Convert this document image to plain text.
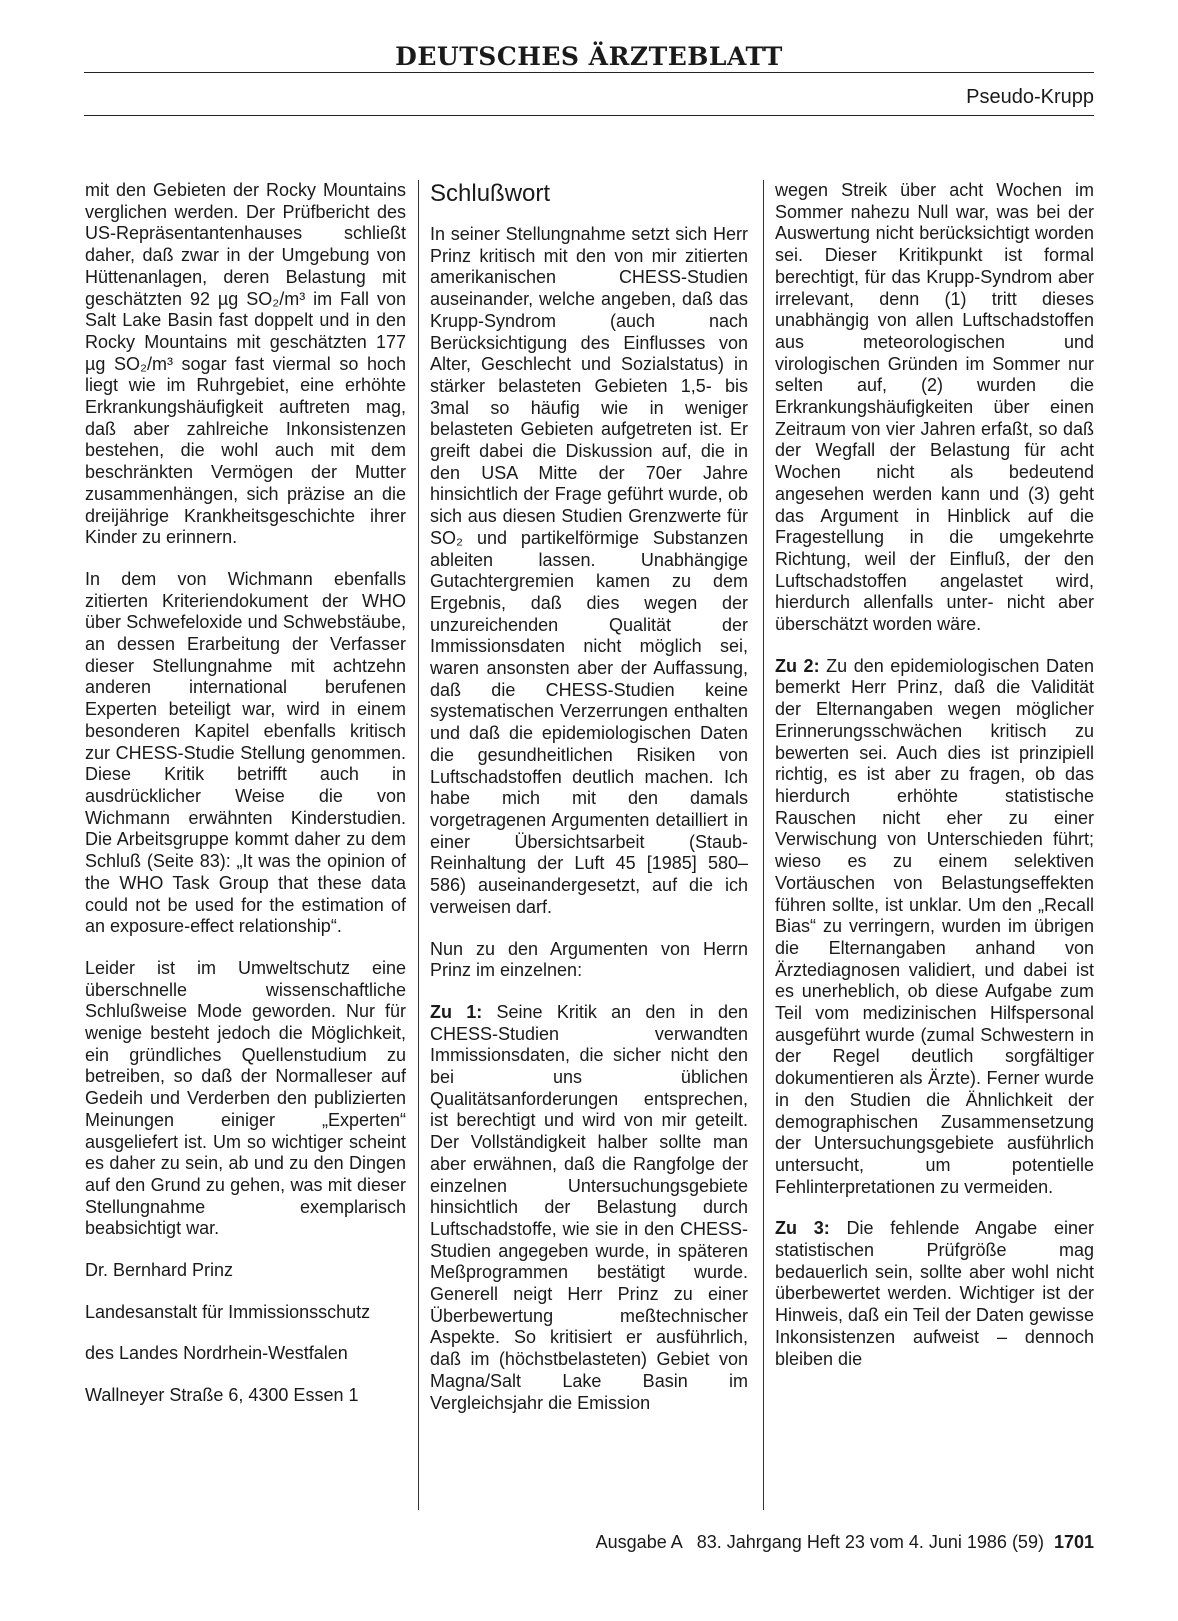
DEUTSCHES ÄRZTEBLATT
Pseudo-Krupp

mit den Gebieten der Rocky Mountains verglichen werden. Der Prüfbericht des US-Repräsentantenhauses schließt daher, daß zwar in der Umgebung von Hüttenanlagen, deren Belastung mit geschätzten 92 µg SO₂/m³ im Fall von Salt Lake Basin fast doppelt und in den Rocky Mountains mit geschätzten 177 µg SO₂/m³ sogar fast viermal so hoch liegt wie im Ruhrgebiet, eine erhöhte Erkrankungshäufigkeit auftreten mag, daß aber zahlreiche Inkonsistenzen bestehen, die wohl auch mit dem beschränkten Vermögen der Mutter zusammenhängen, sich präzise an die dreijährige Krankheitsgeschichte ihrer Kinder zu erinnern.

In dem von Wichmann ebenfalls zitierten Kriteriendokument der WHO über Schwefeloxide und Schwebstäube, an dessen Erarbeitung der Verfasser dieser Stellungnahme mit achtzehn anderen international berufenen Experten beteiligt war, wird in einem besonderen Kapitel ebenfalls kritisch zur CHESS-Studie Stellung genommen. Diese Kritik betrifft auch in ausdrücklicher Weise die von Wichmann erwähnten Kinderstudien. Die Arbeitsgruppe kommt daher zu dem Schluß (Seite 83): „It was the opinion of the WHO Task Group that these data could not be used for the estimation of an exposure-effect relationship“.

Leider ist im Umweltschutz eine überschnelle wissenschaftliche Schlußweise Mode geworden. Nur für wenige besteht jedoch die Möglichkeit, ein gründliches Quellenstudium zu betreiben, so daß der Normalleser auf Gedeih und Verderben den publizierten Meinungen einiger „Experten“ ausgeliefert ist. Um so wichtiger scheint es daher zu sein, ab und zu den Dingen auf den Grund zu gehen, was mit dieser Stellungnahme exemplarisch beabsichtigt war.

Dr. Bernhard Prinz

Landesanstalt für Immissionsschutz

des Landes Nordrhein-Westfalen

Wallneyer Straße 6, 4300 Essen 1

Schlußwort

In seiner Stellungnahme setzt sich Herr Prinz kritisch mit den von mir zitierten amerikanischen CHESS-Studien auseinander, welche angeben, daß das Krupp-Syndrom (auch nach Berücksichtigung des Einflusses von Alter, Geschlecht und Sozialstatus) in stärker belasteten Gebieten 1,5- bis 3mal so häufig wie in weniger belasteten Gebieten aufgetreten ist. Er greift dabei die Diskussion auf, die in den USA Mitte der 70er Jahre hinsichtlich der Frage geführt wurde, ob sich aus diesen Studien Grenzwerte für SO₂ und partikelförmige Substanzen ableiten lassen. Unabhängige Gutachtergremien kamen zu dem Ergebnis, daß dies wegen der unzureichenden Qualität der Immissionsdaten nicht möglich sei, waren ansonsten aber der Auffassung, daß die CHESS-Studien keine systematischen Verzerrungen enthalten und daß die epidemiologischen Daten die gesundheitlichen Risiken von Luftschadstoffen deutlich machen. Ich habe mich mit den damals vorgetragenen Argumenten detailliert in einer Übersichtsarbeit (Staub-Reinhaltung der Luft 45 [1985] 580–586) auseinandergesetzt, auf die ich verweisen darf.

Nun zu den Argumenten von Herrn Prinz im einzelnen:

Zu 1: Seine Kritik an den in den CHESS-Studien verwandten Immissionsdaten, die sicher nicht den bei uns üblichen Qualitätsanforderungen entsprechen, ist berechtigt und wird von mir geteilt. Der Vollständigkeit halber sollte man aber erwähnen, daß die Rangfolge der einzelnen Untersuchungsgebiete hinsichtlich der Belastung durch Luftschadstoffe, wie sie in den CHESS-Studien angegeben wurde, in späteren Meßprogrammen bestätigt wurde. Generell neigt Herr Prinz zu einer Überbewertung meßtechnischer Aspekte. So kritisiert er ausführlich, daß im (höchstbelasteten) Gebiet von Magna/Salt Lake Basin im Vergleichsjahr die Emission

wegen Streik über acht Wochen im Sommer nahezu Null war, was bei der Auswertung nicht berücksichtigt worden sei. Dieser Kritikpunkt ist formal berechtigt, für das Krupp-Syndrom aber irrelevant, denn (1) tritt dieses unabhängig von allen Luftschadstoffen aus meteorologischen und virologischen Gründen im Sommer nur selten auf, (2) wurden die Erkrankungshäufigkeiten über einen Zeitraum von vier Jahren erfaßt, so daß der Wegfall der Belastung für acht Wochen nicht als bedeutend angesehen werden kann und (3) geht das Argument in Hinblick auf die Fragestellung in die umgekehrte Richtung, weil der Einfluß, der den Luftschadstoffen angelastet wird, hierdurch allenfalls unter- nicht aber überschätzt worden wäre.

Zu 2: Zu den epidemiologischen Daten bemerkt Herr Prinz, daß die Validität der Elternangaben wegen möglicher Erinnerungsschwächen kritisch zu bewerten sei. Auch dies ist prinzipiell richtig, es ist aber zu fragen, ob das hierdurch erhöhte statistische Rauschen nicht eher zu einer Verwischung von Unterschieden führt; wieso es zu einem selektiven Vortäuschen von Belastungseffekten führen sollte, ist unklar. Um den „Recall Bias“ zu verringern, wurden im übrigen die Elternangaben anhand von Ärztediagnosen validiert, und dabei ist es unerheblich, ob diese Aufgabe zum Teil vom medizinischen Hilfspersonal ausgeführt wurde (zumal Schwestern in der Regel deutlich sorgfältiger dokumentieren als Ärzte). Ferner wurde in den Studien die Ähnlichkeit der demographischen Zusammensetzung der Untersuchungsgebiete ausführlich untersucht, um potentielle Fehlinterpretationen zu vermeiden.

Zu 3: Die fehlende Angabe einer statistischen Prüfgröße mag bedauerlich sein, sollte aber wohl nicht überbewertet werden. Wichtiger ist der Hinweis, daß ein Teil der Daten gewisse Inkonsistenzen aufweist – dennoch bleiben die

Ausgabe A   83. Jahrgang Heft 23 vom 4. Juni 1986 (59) 1701
